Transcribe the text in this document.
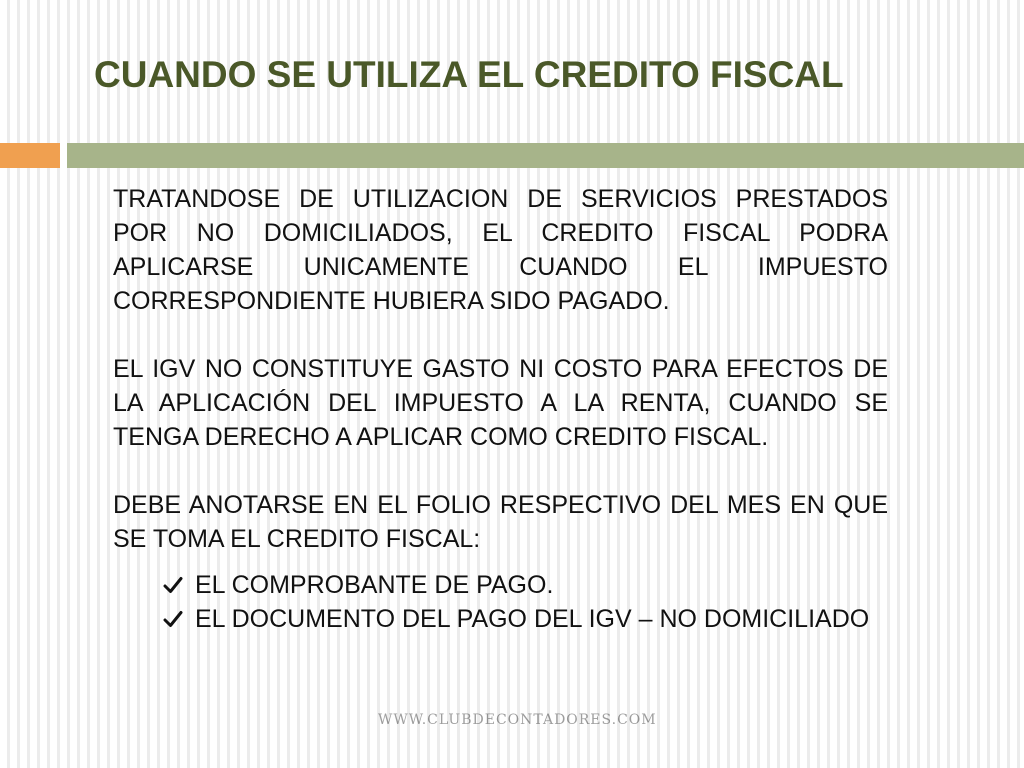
CUANDO SE UTILIZA EL CREDITO FISCAL

TRATANDOSE DE UTILIZACION DE SERVICIOS PRESTADOS POR NO DOMICILIADOS, EL CREDITO FISCAL PODRA APLICARSE UNICAMENTE CUANDO EL IMPUESTO CORRESPONDIENTE HUBIERA SIDO PAGADO.

EL IGV NO CONSTITUYE GASTO NI COSTO PARA EFECTOS DE LA APLICACIÓN DEL IMPUESTO A LA RENTA, CUANDO SE TENGA DERECHO A APLICAR COMO CREDITO FISCAL.

DEBE ANOTARSE EN EL FOLIO RESPECTIVO DEL MES EN QUE SE TOMA EL CREDITO FISCAL:

EL COMPROBANTE DE PAGO.
EL DOCUMENTO DEL PAGO DEL IGV – NO DOMICILIADO
WWW.CLUBDECONTADORES.COM
